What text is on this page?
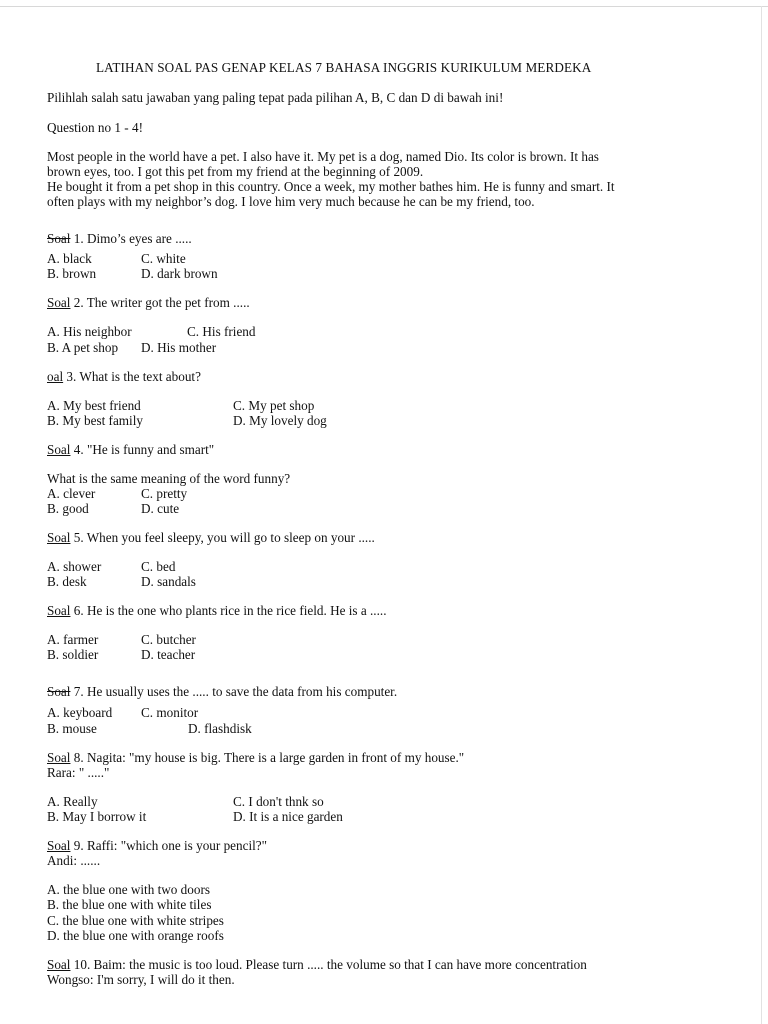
LATIHAN SOAL PAS GENAP KELAS 7 BAHASA INGGRIS KURIKULUM MERDEKA
Pilihlah salah satu jawaban yang paling tepat pada pilihan A, B, C dan D di bawah ini!
Question no 1 - 4!

Most people in the world have a pet. I also have it. My pet is a dog, named Dio. Its color is brown. It has

brown eyes, too. I got this pet from my friend at the beginning of 2009.

He bought it from a pet shop in this country. Once a week, my mother bathes him. He is funny and smart. It

often plays with my neighbor’s dog. I love him very much because he can be my friend, too.

Soal 1. Dimo’s eyes are .....
A. black	C. white
B. brown	D. dark brown
Soal 2. The writer got the pet from .....
A. His neighbor	C. His friend
B. A pet shop D. His mother
oal 3. What is the text about?
A. My best friend	C. My pet shop
B. My best family	D. My lovely dog
Soal 4. "He is funny and smart"
What is the same meaning of the word funny?
A. clever	C. pretty
B. good	D. cute
Soal 5. When you feel sleepy, you will go to sleep on your .....
A. shower	C. bed
B. desk	D. sandals
Soal 6. He is the one who plants rice in the rice field. He is a .....
A. farmer	C. butcher
B. soldier	D. teacher
Soal 7. He usually uses the ..... to save the data from his computer.
A. keyboard C. monitor
B. mouse	D. flashdisk
Soal 8. Nagita: "my house is big. There is a large garden in front of my house."
Rara: " ....."
A. Really	C. I don't thnk so
B. May I borrow it	D. It is a nice garden
Soal 9. Raffi: "which one is your pencil?"
Andi: ......
A. the blue one with two doors
B. the blue one with white tiles
C. the blue one with white stripes
D. the blue one with orange roofs
Soal 10. Baim: the music is too loud. Please turn ..... the volume so that I can have more concentration
Wongso: I'm sorry, I will do it then.
